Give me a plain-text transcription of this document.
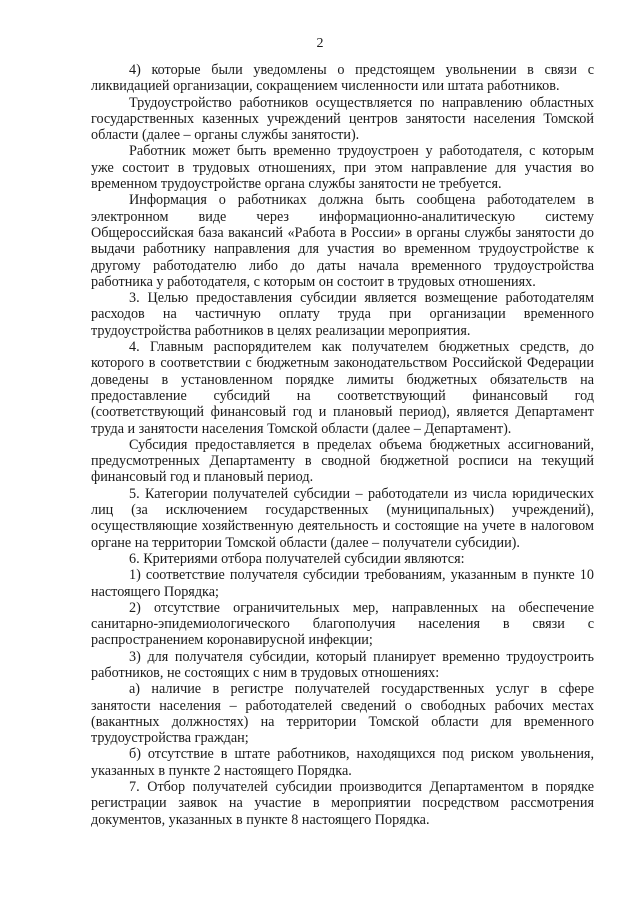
2

4) которые были уведомлены о предстоящем увольнении в связи с ликвидацией организации, сокращением численности или штата работников.

Трудоустройство работников осуществляется по направлению областных государственных казенных учреждений центров занятости населения Томской области (далее – органы службы занятости).

Работник может быть временно трудоустроен у работодателя, с которым уже состоит в трудовых отношениях, при этом направление для участия во временном трудоустройстве органа службы занятости не требуется.

Информация о работниках должна быть сообщена работодателем в электронном виде через информационно-аналитическую систему Общероссийская база вакансий «Работа в России» в органы службы занятости до выдачи работнику направления для участия во временном трудоустройстве к другому работодателю либо до даты начала временного трудоустройства работника у работодателя, с которым он состоит в трудовых отношениях.

3. Целью предоставления субсидии является возмещение работодателям расходов на частичную оплату труда при организации временного трудоустройства работников в целях реализации мероприятия.

4. Главным распорядителем как получателем бюджетных средств, до которого в соответствии с бюджетным законодательством Российской Федерации доведены в установленном порядке лимиты бюджетных обязательств на предоставление субсидий на соответствующий финансовый год (соответствующий финансовый год и плановый период), является Департамент труда и занятости населения Томской области (далее – Департамент).

Субсидия предоставляется в пределах объема бюджетных ассигнований, предусмотренных Департаменту в сводной бюджетной росписи на текущий финансовый год и плановый период.

5. Категории получателей субсидии – работодатели из числа юридических лиц (за исключением государственных (муниципальных) учреждений), осуществляющие хозяйственную деятельность и состоящие на учете в налоговом органе на территории Томской области (далее – получатели субсидии).

6. Критериями отбора получателей субсидии являются:

1) соответствие получателя субсидии требованиям, указанным в пункте 10 настоящего Порядка;

2) отсутствие ограничительных мер, направленных на обеспечение санитарно-эпидемиологического благополучия населения в связи с распространением коронавирусной инфекции;

3) для получателя субсидии, который планирует временно трудоустроить работников, не состоящих с ним в трудовых отношениях:

а) наличие в регистре получателей государственных услуг в сфере занятости населения – работодателей сведений о свободных рабочих местах (вакантных должностях) на территории Томской области для временного трудоустройства граждан;

б) отсутствие в штате работников, находящихся под риском увольнения, указанных в пункте 2 настоящего Порядка.

7. Отбор получателей субсидии производится Департаментом в порядке регистрации заявок на участие в мероприятии посредством рассмотрения документов, указанных в пункте 8 настоящего Порядка.
